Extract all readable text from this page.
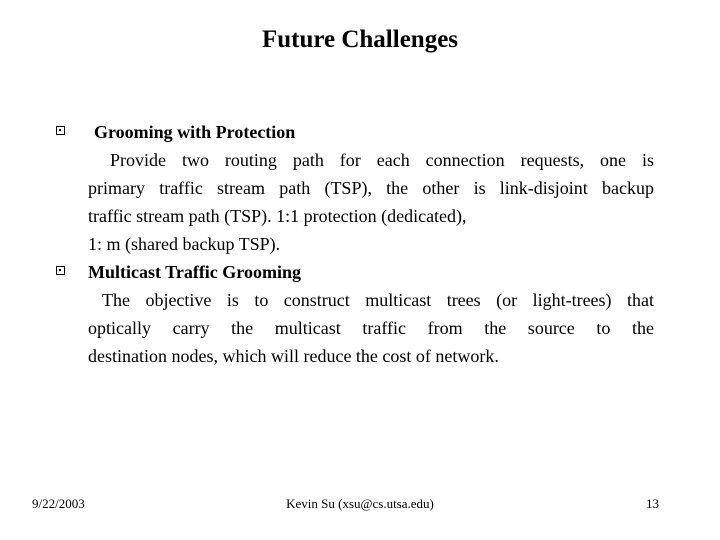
Future Challenges
Grooming with Protection
Provide two routing path for each connection requests, one is
primary traffic stream path (TSP), the other is link-disjoint backup
traffic stream path (TSP). 1:1 protection (dedicated),
1: m (shared backup TSP).
Multicast Traffic Grooming
The objective is to construct multicast trees (or light-trees) that
optically carry the multicast traffic from the source to the
destination nodes, which will reduce the cost of network.
9/22/2003	Kevin Su (xsu@cs.utsa.edu)	13
